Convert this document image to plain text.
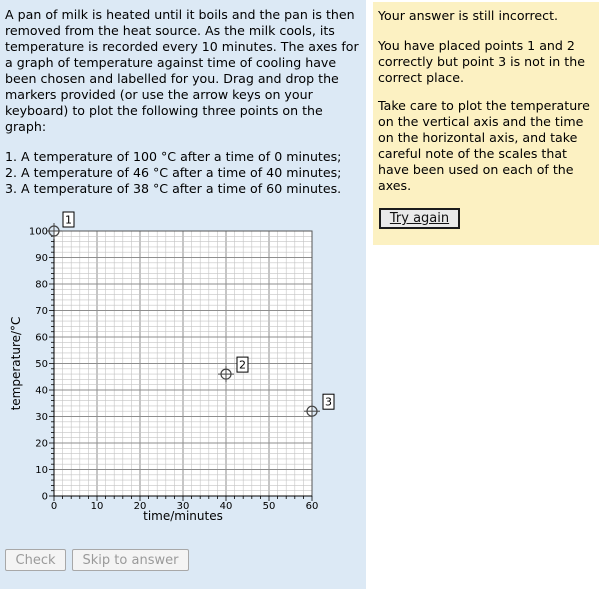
A pan of milk is heated until it boils and the pan is then removed from the heat source. As the milk cools, its temperature is recorded every 10 minutes. The axes for a graph of temperature against time of cooling have been chosen and labelled for you. Drag and drop the markers provided (or use the arrow keys on your keyboard) to plot the following three points on the graph:

1. A temperature of 100 °C after a time of 0 minutes;
2. A temperature of 46 °C after a time of 40 minutes;
3. A temperature of 38 °C after a time of 60 minutes.
0	10	20	30	40	50	60
0
10
20
30
40
50
60
70
80
90
100
time/minutes
temperature/°C
1
2
3
Check	Skip to answer

Your answer is still incorrect.

You have placed points 1 and 2 correctly but point 3 is not in the correct place.

Take care to plot the temperature on the vertical axis and the time on the horizontal axis, and take careful note of the scales that have been used on each of the axes.

Try again
